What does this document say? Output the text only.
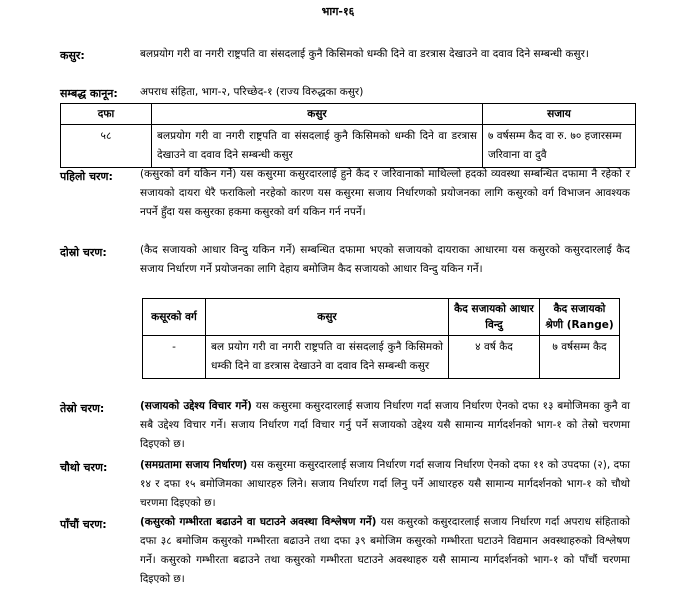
भाग-१६
कसुर:	बलप्रयोग गरी वा नगरी राष्ट्रपति वा संसदलाई कुनै किसिमको धम्की दिने वा डरत्रास देखाउने वा दवाव दिने सम्बन्धी कसुर।
सम्बद्ध कानून: अपराध संहिता, भाग-२, परिच्छेद-१ (राज्य विरुद्धका कसुर)
दफा	कसुर	सजाय
५८	बलप्रयोग गरी वा नगरी राष्ट्रपति वा संसदलाई कुनै किसिमको धम्की दिने वा डरत्रास देखाउने वा दवाव दिने सम्बन्धी कसुर	७ वर्षसम्म कैद वा रु. ७० हजारसम्म जरिवाना वा दुवै
पहिलो चरण:	(कसुरको वर्ग यकिन गर्ने) यस कसुरमा कसुरदारलाई हुने कैद र जरिवानाको माथिल्लो हदको व्यवस्था सम्बन्धित दफामा नै रहेको र सजायको दायरा धेरै फराकिलो नरहेको कारण यस कसुरमा सजाय निर्धारणको प्रयोजनका लागि कसुरको वर्ग विभाजन आवश्यक नपर्ने हुँदा यस कसुरका हकमा कसुरको वर्ग यकिन गर्न नपर्ने।
दोस्रो चरण:	(कैद सजायको आधार विन्दु यकिन गर्ने) सम्बन्धित दफामा भएको सजायको दायराका आधारमा यस कसुरको कसुरदारलाई कैद सजाय निर्धारण गर्ने प्रयोजनका लागि देहाय बमोजिम कैद सजायको आधार विन्दु यकिन गर्ने।
कसूरको वर्ग	कसुर	कैद सजायको आधार विन्दु	कैद सजायको श्रेणी (Range)
-	बल प्रयोग गरी वा नगरी राष्ट्रपति वा संसदलाई कुनै किसिमको धम्की दिने वा डरत्रास देखाउने वा दवाव दिने सम्बन्धी कसुर	४ वर्ष कैद	७ वर्षसम्म कैद
तेस्रो चरण:	(सजायको उद्देश्य विचार गर्ने) यस कसुरमा कसुरदारलाई सजाय निर्धारण गर्दा सजाय निर्धारण ऐनको दफा १३ बमोजिमका कुनै वा सबै उद्देश्य विचार गर्ने। सजाय निर्धारण गर्दा विचार गर्नु पर्ने सजायको उद्देश्य यसै सामान्य मार्गदर्शनको भाग-१ को तेस्रो चरणमा दिइएको छ।
चौथो चरण:	(समग्रतामा सजाय निर्धारण) यस कसुरमा कसुरदारलाई सजाय निर्धारण गर्दा सजाय निर्धारण ऐनको दफा ११ को उपदफा (२), दफा १४ र दफा १५ बमोजिमका आधारहरु लिने। सजाय निर्धारण गर्दा लिनु पर्ने आधारहरु यसै सामान्य मार्गदर्शनको भाग-१ को चौथो चरणमा दिइएको छ।
पाँचौं चरण:	(कसुरको गम्भीरता बढाउने वा घटाउने अवस्था विश्लेषण गर्ने) यस कसुरको कसुरदारलाई सजाय निर्धारण गर्दा अपराध संहिताको दफा ३८ बमोजिम कसुरको गम्भीरता बढाउने तथा दफा ३९ बमोजिम कसुरको गम्भीरता घटाउने विद्यमान अवस्थाहरुको विश्लेषण गर्ने। कसुरको गम्भीरता बढाउने तथा कसुरको गम्भीरता घटाउने अवस्थाहरु यसै सामान्य मार्गदर्शनको भाग-१ को पाँचौं चरणमा दिइएको छ।
